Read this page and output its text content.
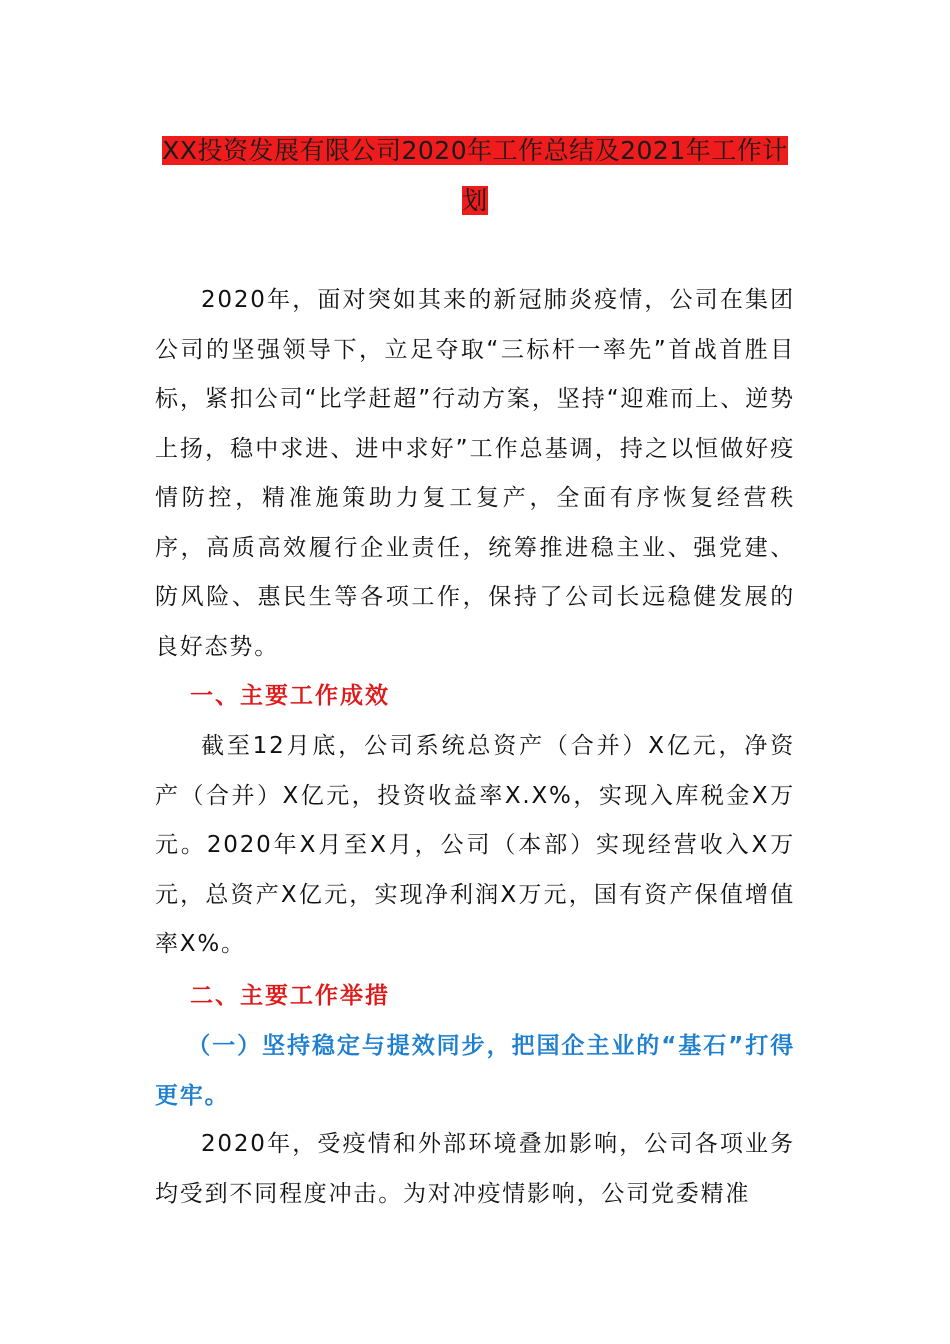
XX投资发展有限公司2020年工作总结及2021年工作计划

2020年，面对突如其来的新冠肺炎疫情，公司在集团公司的坚强领导下，立足夺取“三标杆一率先”首战首胜目标，紧扣公司“比学赶超”行动方案，坚持“迎难而上、逆势上扬，稳中求进、进中求好”工作总基调，持之以恒做好疫情防控，精准施策助力复工复产，全面有序恢复经营秩序，高质高效履行企业责任，统筹推进稳主业、强党建、防风险、惠民生等各项工作，保持了公司长远稳健发展的良好态势。

一、主要工作成效

截至12月底，公司系统总资产（合并）X亿元，净资产（合并）X亿元，投资收益率X.X%，实现入库税金X万元。2020年X月至X月，公司（本部）实现经营收入X万元，总资产X亿元，实现净利润X万元，国有资产保值增值率X%。

二、主要工作举措

（一）坚持稳定与提效同步，把国企主业的“基石”打得更牢。

2020年，受疫情和外部环境叠加影响，公司各项业务均受到不同程度冲击。为对冲疫情影响，公司党委精准
